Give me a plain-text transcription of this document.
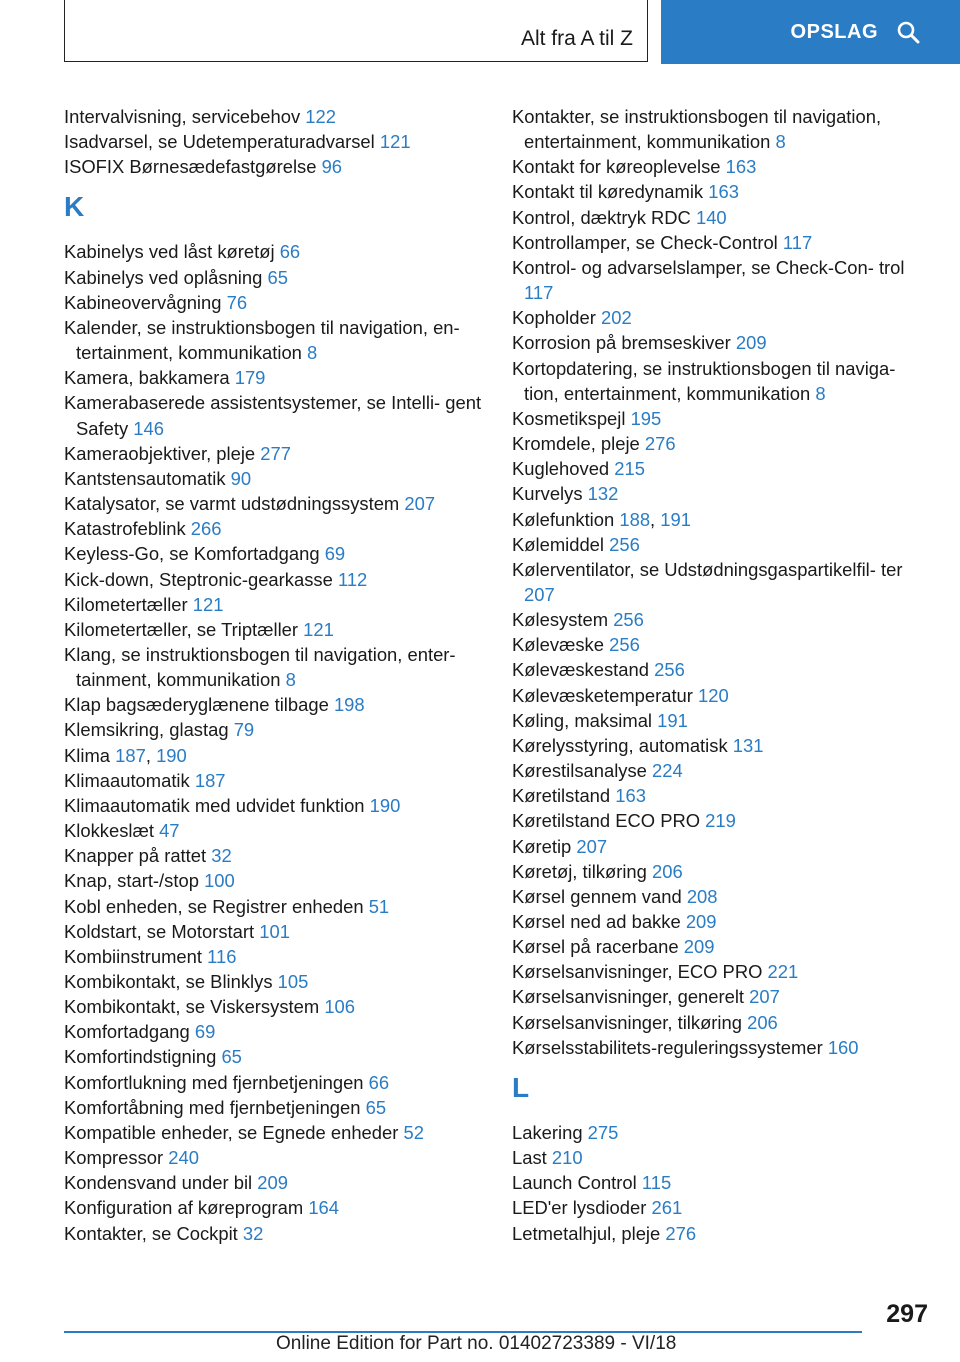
Alt fra A til Z	OPSLAG
Intervalvisning, servicebehov 122
Isadvarsel, se Udetemperaturadvarsel 121
ISOFIX Børnesædefastgørelse 96
K
Kabinelys ved låst køretøj 66
Kabinelys ved oplåsning 65
Kabineovervågning 76
Kalender, se instruktionsbogen til navigation, en- tertainment, kommunikation 8
Kamera, bakkamera 179
Kamerabaserede assistentsystemer, se Intelli- gent Safety 146
Kameraobjektiver, pleje 277
Kantstensautomatik 90
Katalysator, se varmt udstødningssystem 207
Katastrofeblink 266
Keyless-Go, se Komfortadgang 69
Kick-down, Steptronic-gearkasse 112
Kilometertæller 121
Kilometertæller, se Triptæller 121
Klang, se instruktionsbogen til navigation, enter- tainment, kommunikation 8
Klap bagsæderyglænene tilbage 198
Klemsikring, glastag 79
Klima 187, 190
Klimaautomatik 187
Klimaautomatik med udvidet funktion 190
Klokkeslæt 47
Knapper på rattet 32
Knap, start-/stop 100
Kobl enheden, se Registrer enheden 51
Koldstart, se Motorstart 101
Kombiinstrument 116
Kombikontakt, se Blinklys 105
Kombikontakt, se Viskersystem 106
Komfortadgang 69
Komfortindstigning 65
Komfortlukning med fjernbetjeningen 66
Komfortåbning med fjernbetjeningen 65
Kompatible enheder, se Egnede enheder 52
Kompressor 240
Kondensvand under bil 209
Konfiguration af køreprogram 164
Kontakter, se Cockpit 32
Kontakter, se instruktionsbogen til navigation, entertainment, kommunikation 8
Kontakt for køreoplevelse 163
Kontakt til køredynamik 163
Kontrol, dæktryk RDC 140
Kontrollamper, se Check-Control 117
Kontrol- og advarselslamper, se Check-Con- trol 117
Kopholder 202
Korrosion på bremseskiver 209
Kortopdatering, se instruktionsbogen til naviga- tion, entertainment, kommunikation 8
Kosmetikspejl 195
Kromdele, pleje 276
Kuglehoved 215
Kurvelys 132
Kølefunktion 188, 191
Kølemiddel 256
Kølerventilator, se Udstødningsgaspartikelfil- ter 207
Kølesystem 256
Kølevæske 256
Kølevæskestand 256
Kølevæsketemperatur 120
Køling, maksimal 191
Kørelysstyring, automatisk 131
Kørestilsanalyse 224
Køretilstand 163
Køretilstand ECO PRO 219
Køretip 207
Køretøj, tilkøring 206
Kørsel gennem vand 208
Kørsel ned ad bakke 209
Kørsel på racerbane 209
Kørselsanvisninger, ECO PRO 221
Kørselsanvisninger, generelt 207
Kørselsanvisninger, tilkøring 206
Kørselsstabilitets-reguleringssystemer 160
L
Lakering 275
Last 210
Launch Control 115
LED'er lysdioder 261
Letmetalhjul, pleje 276
297
Online Edition for Part no. 01402723389 - VI/18
